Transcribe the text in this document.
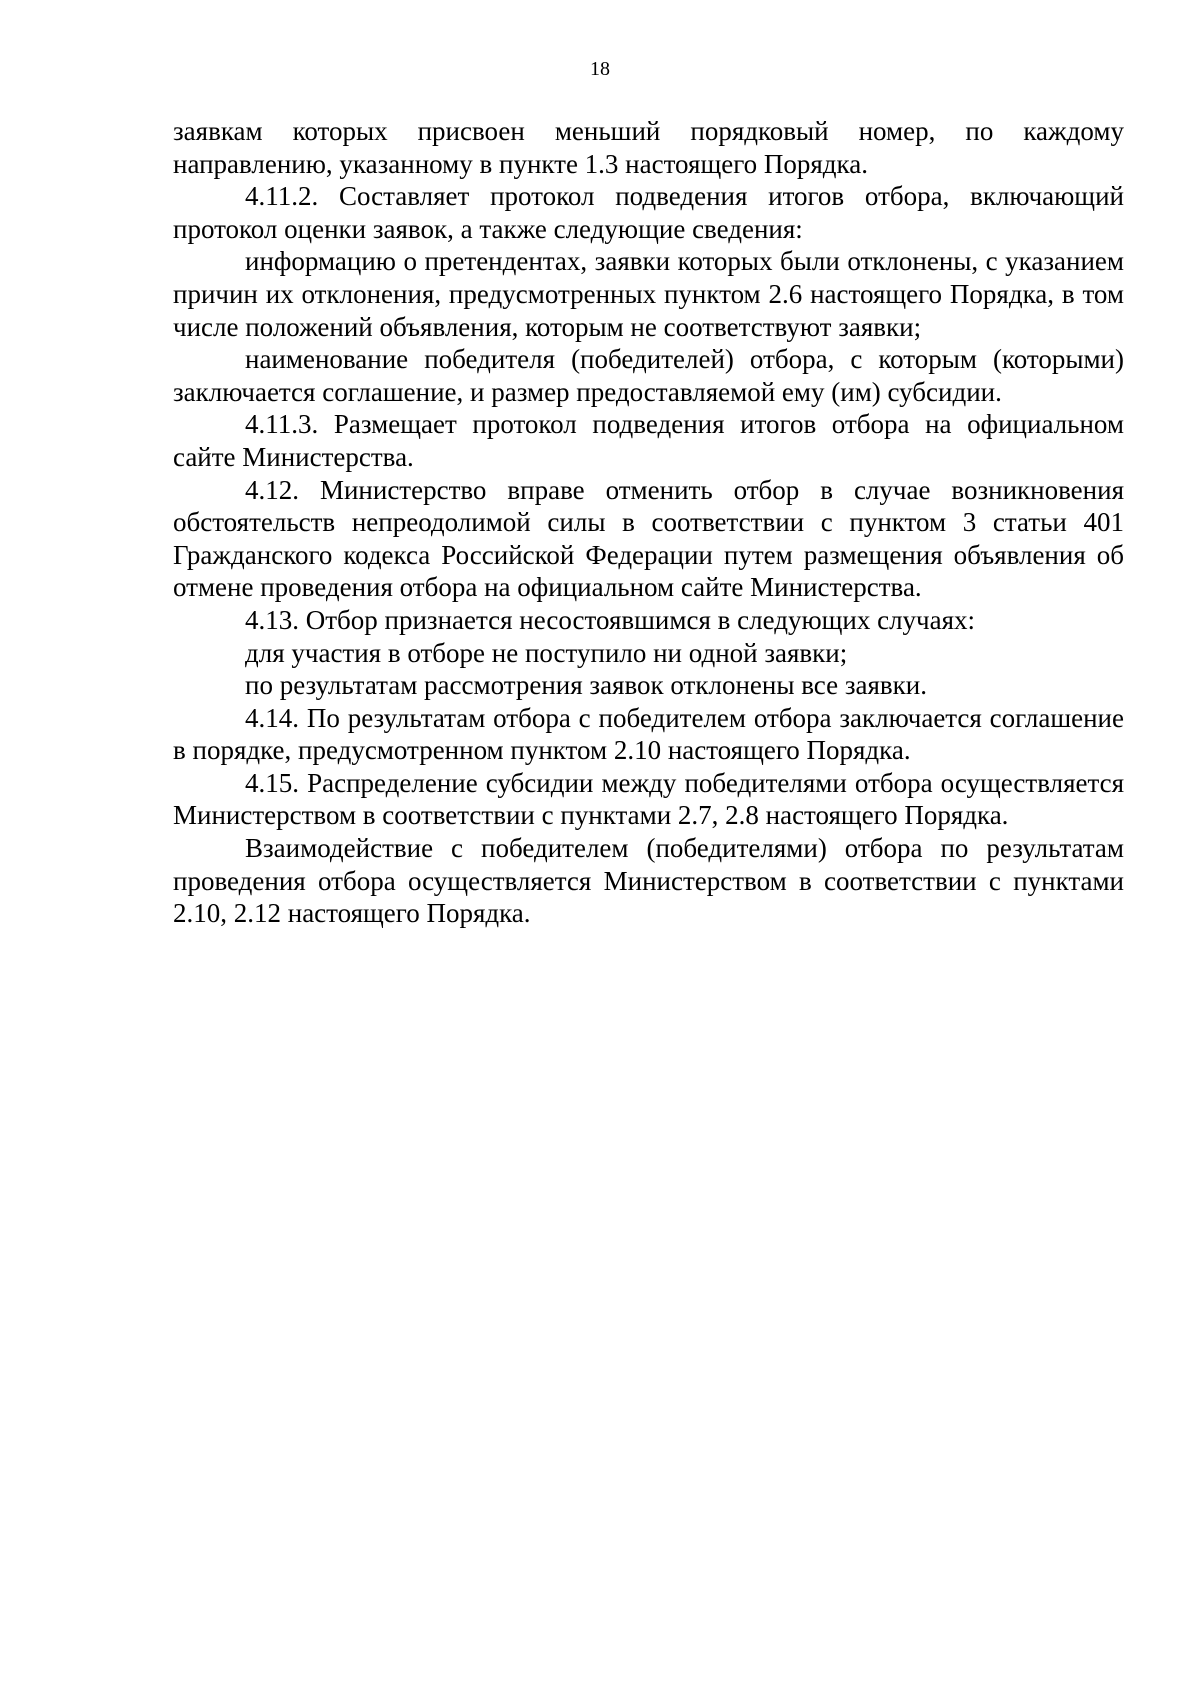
18

заявкам которых присвоен меньший порядковый номер, по каждому направлению, указанному в пункте 1.3 настоящего Порядка.

4.11.2. Составляет протокол подведения итогов отбора, включающий протокол оценки заявок, а также следующие сведения:

информацию о претендентах, заявки которых были отклонены, с указанием причин их отклонения, предусмотренных пунктом 2.6 настоящего Порядка, в том числе положений объявления, которым не соответствуют заявки;

наименование победителя (победителей) отбора, с которым (которыми) заключается соглашение, и размер предоставляемой ему (им) субсидии.

4.11.3. Размещает протокол подведения итогов отбора на официальном сайте Министерства.

4.12. Министерство вправе отменить отбор в случае возникновения обстоятельств непреодолимой силы в соответствии с пунктом 3 статьи 401 Гражданского кодекса Российской Федерации путем размещения объявления об отмене проведения отбора на официальном сайте Министерства.

4.13. Отбор признается несостоявшимся в следующих случаях:

для участия в отборе не поступило ни одной заявки;

по результатам рассмотрения заявок отклонены все заявки.

4.14. По результатам отбора с победителем отбора заключается соглашение в порядке, предусмотренном пунктом 2.10 настоящего Порядка.

4.15. Распределение субсидии между победителями отбора осуществляется Министерством в соответствии с пунктами 2.7, 2.8 настоящего Порядка.

Взаимодействие с победителем (победителями) отбора по результатам проведения отбора осуществляется Министерством в соответствии с пунктами 2.10, 2.12 настоящего Порядка.
